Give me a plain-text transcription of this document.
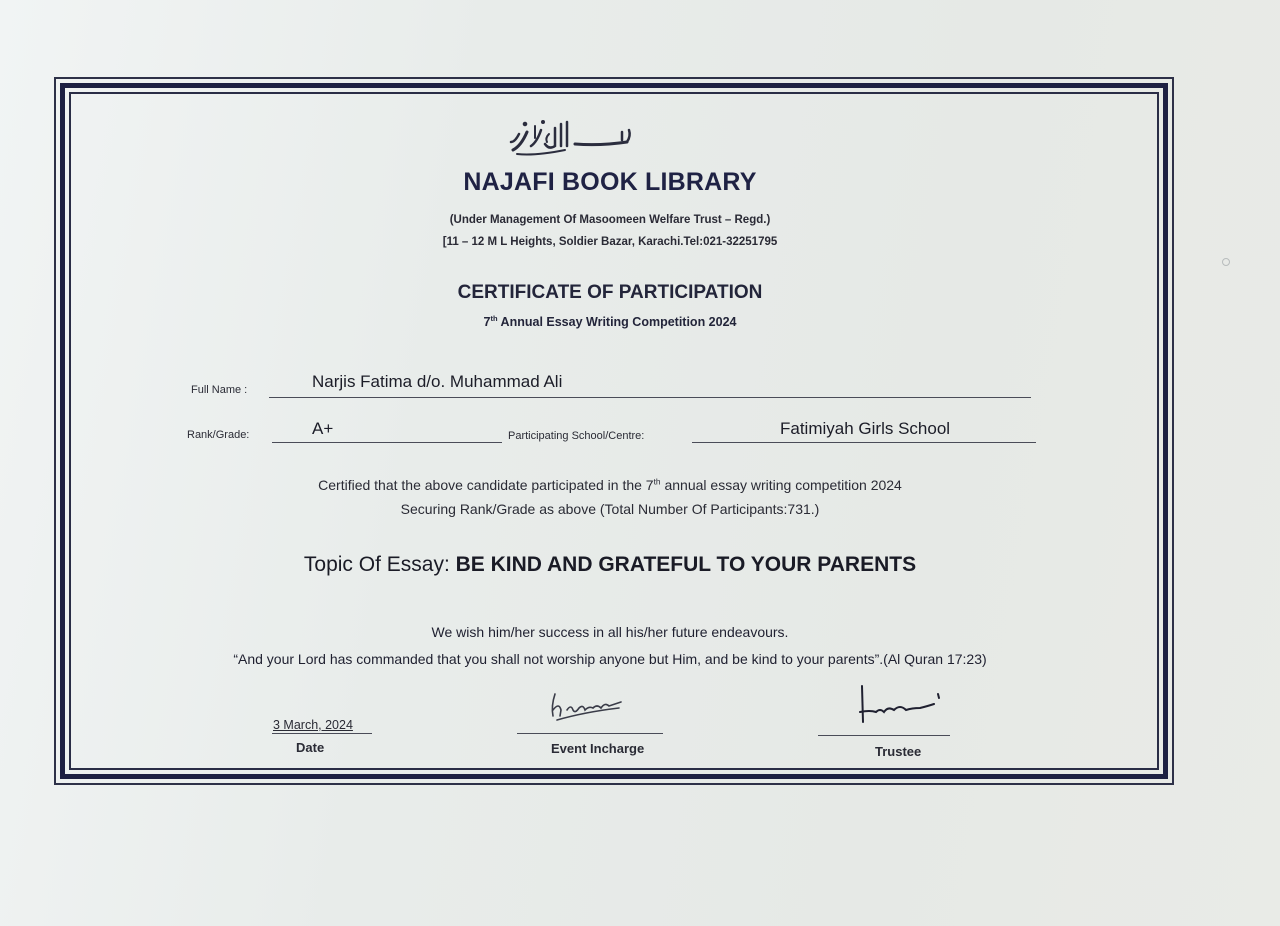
NAJAFI BOOK LIBRARY
(Under Management Of Masoomeen Welfare Trust – Regd.)
[11 – 12 M L Heights, Soldier Bazar, Karachi.Tel:021-32251795
CERTIFICATE OF PARTICIPATION
7th Annual Essay Writing Competition 2024
Full Name :	Narjis Fatima d/o. Muhammad Ali
Rank/Grade:	A+	Participating School/Centre:	Fatimiyah Girls School
Certified that the above candidate participated in the 7th annual essay writing competition 2024
Securing Rank/Grade as above (Total Number Of Participants:731.)
Topic Of Essay: BE KIND AND GRATEFUL TO YOUR PARENTS
We wish him/her success in all his/her future endeavours.
“And your Lord has commanded that you shall not worship anyone but Him, and be kind to your parents”.(Al Quran 17:23)
3 March, 2024
Date	Event Incharge	Trustee
